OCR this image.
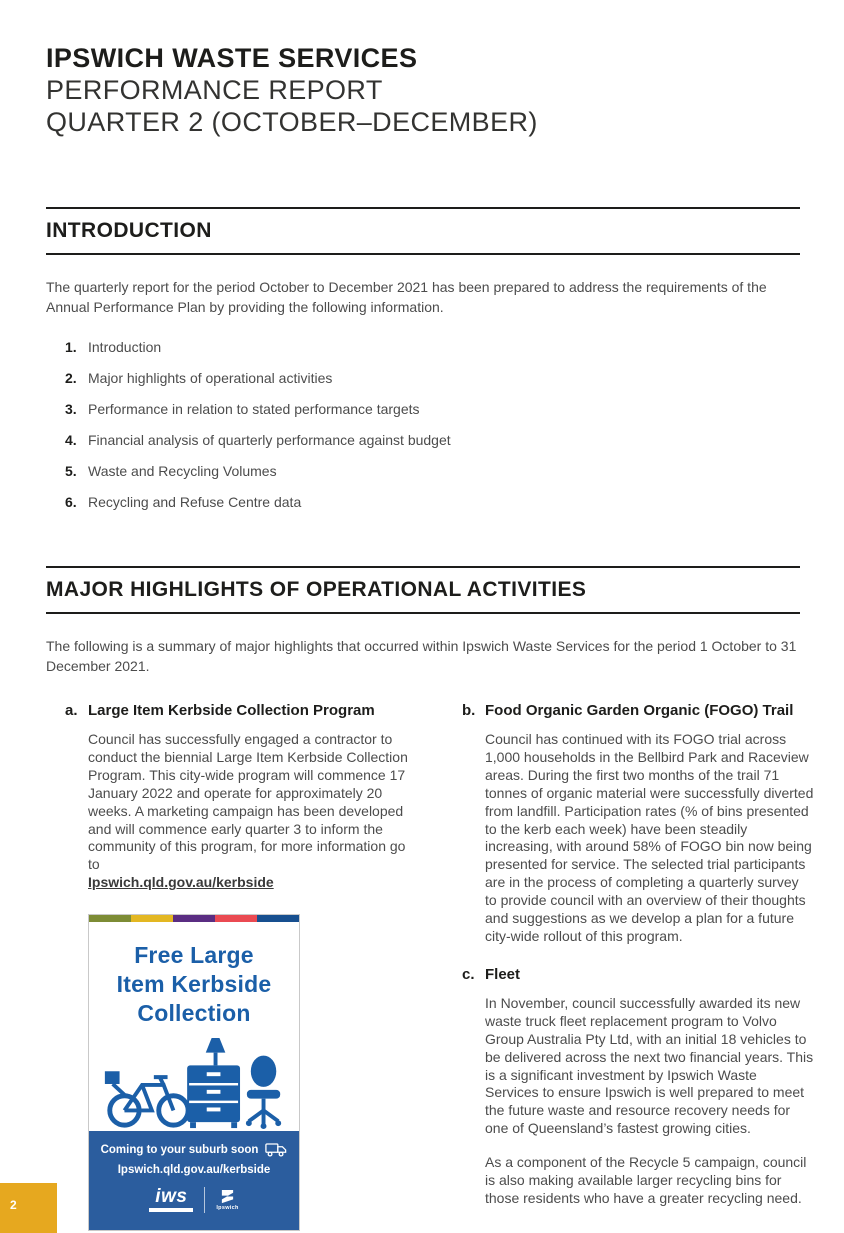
IPSWICH WASTE SERVICES
PERFORMANCE REPORT
QUARTER 2 (OCTOBER–DECEMBER)
INTRODUCTION

The quarterly report for the period October to December 2021 has been prepared to address the requirements of the Annual Performance Plan by providing the following information.

1. Introduction
2. Major highlights of operational activities
3. Performance in relation to stated performance targets
4. Financial analysis of quarterly performance against budget
5. Waste and Recycling Volumes
6. Recycling and Refuse Centre data
MAJOR HIGHLIGHTS OF OPERATIONAL ACTIVITIES

The following is a summary of major highlights that occurred within Ipswich Waste Services for the period 1 October to 31 December 2021.

a. Large Item Kerbside Collection Program
Council has successfully engaged a contractor to conduct the biennial Large Item Kerbside Collection Program. This city-wide program will commence 17 January 2022 and operate for approximately 20 weeks. A marketing campaign has been developed and will commence early quarter 3 to inform the community of this program, for more information go to
Ipswich.qld.gov.au/kerbside
Free Large
Item Kerbside
Collection
Coming to your suburb soon
Ipswich.qld.gov.au/kerbside
iws
Ipswich
b. Food Organic Garden Organic (FOGO) Trail
Council has continued with its FOGO trial across 1,000 households in the Bellbird Park and Raceview areas. During the first two months of the trail 71 tonnes of organic material were successfully diverted from landfill. Participation rates (% of bins presented to the kerb each week) have been steadily increasing, with around 58% of FOGO bin now being presented for service. The selected trial participants are in the process of completing a quarterly survey to provide council with an overview of their thoughts and suggestions as we develop a plan for a future city-wide rollout of this program.
c. Fleet
In November, council successfully awarded its new waste truck fleet replacement program to Volvo Group Australia Pty Ltd, with an initial 18 vehicles to be delivered across the next two financial years. This is a significant investment by Ipswich Waste Services to ensure Ipswich is well prepared to meet the future waste and resource recovery needs for one of Queensland’s fastest growing cities.
As a component of the Recycle 5 campaign, council is also making available larger recycling bins for those residents who have a greater recycling need.
2
